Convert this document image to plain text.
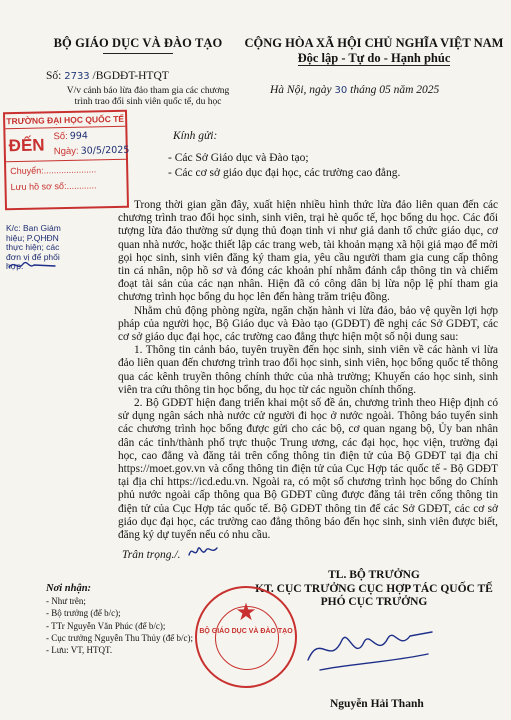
BỘ GIÁO DỤC VÀ ĐÀO TẠO
Số: 2733 /BGDĐT-HTQT
V/v cảnh báo lừa đảo tham gia các chương
trình trao đổi sinh viên quốc tế, du học
CỘNG HÒA XÃ HỘI CHỦ NGHĨA VIỆT NAM
Độc lập - Tự do - Hạnh phúc
Hà Nội, ngày 30 tháng 05 năm 2025
TRƯỜNG ĐẠI HỌC QUỐC TẾ
ĐẾN Số: 994
Ngày: 30/5/2025
Chuyển:.....................
Lưu hồ sơ số:............
Kính gửi:
- Các Sở Giáo dục và Đào tạo;
- Các cơ sở giáo dục đại học, các trường cao đẳng.
K/c: Ban Giám hiệu; P.QHĐN thực hiện; các đơn vị để phối hợp.

Trong thời gian gần đây, xuất hiện nhiều hình thức lừa đảo liên quan đến các chương trình trao đổi học sinh, sinh viên, trại hè quốc tế, học bổng du học. Các đối tượng lừa đảo thường sử dụng thủ đoạn tinh vi như giả danh tổ chức giáo dục, cơ quan nhà nước, hoặc thiết lập các trang web, tài khoản mạng xã hội giả mạo để mời gọi học sinh, sinh viên đăng ký tham gia, yêu cầu người tham gia cung cấp thông tin cá nhân, nộp hồ sơ và đóng các khoản phí nhằm đánh cắp thông tin và chiếm đoạt tài sản của các nạn nhân. Hiện đã có công dân bị lừa nộp lệ phí tham gia chương trình học bổng du học lên đến hàng trăm triệu đồng.

Nhằm chủ động phòng ngừa, ngăn chặn hành vi lừa đảo, bảo vệ quyền lợi hợp pháp của người học, Bộ Giáo dục và Đào tạo (GDĐT) đề nghị các Sở GDĐT, các cơ sở giáo dục đại học, các trường cao đẳng thực hiện một số nội dung sau:

1. Thông tin cảnh báo, tuyên truyền đến học sinh, sinh viên về các hành vi lừa đảo liên quan đến chương trình trao đổi học sinh, sinh viên, học bổng quốc tế thông qua các kênh truyền thông chính thức của nhà trường; Khuyến cáo học sinh, sinh viên tra cứu thông tin học bổng, du học từ các nguồn chính thống.

2. Bộ GDĐT hiện đang triển khai một số đề án, chương trình theo Hiệp định có sử dụng ngân sách nhà nước cử người đi học ở nước ngoài. Thông báo tuyển sinh các chương trình học bổng được gửi cho các bộ, cơ quan ngang bộ, Ủy ban nhân dân các tỉnh/thành phố trực thuộc Trung ương, các đại học, học viện, trường đại học, cao đẳng và đăng tải trên cổng thông tin điện tử của Bộ GDĐT tại địa chỉ https://moet.gov.vn và cổng thông tin điện tử của Cục Hợp tác quốc tế - Bộ GDĐT tại địa chỉ https://icd.edu.vn. Ngoài ra, có một số chương trình học bổng do Chính phủ nước ngoài cấp thông qua Bộ GDĐT cũng được đăng tải trên cổng thông tin điện tử của Cục Hợp tác quốc tế. Bộ GDĐT thông tin để các Sở GDĐT, các cơ sở giáo dục đại học, các trường cao đẳng thông báo đến học sinh, sinh viên được biết, đăng ký dự tuyển nếu có nhu cầu.

Trân trọng./.
Nơi nhận:
- Như trên;
- Bộ trưởng (để b/c);
- TTr Nguyễn Văn Phúc (để b/c);
- Cục trưởng Nguyễn Thu Thủy (để b/c);
- Lưu: VT, HTQT.
TL. BỘ TRƯỞNG
KT. CỤC TRƯỞNG CỤC HỢP TÁC QUỐC TẾ
PHÓ CỤC TRƯỞNG
★
BỘ GIÁO DỤC VÀ ĐÀO TẠO
Nguyễn Hải Thanh
